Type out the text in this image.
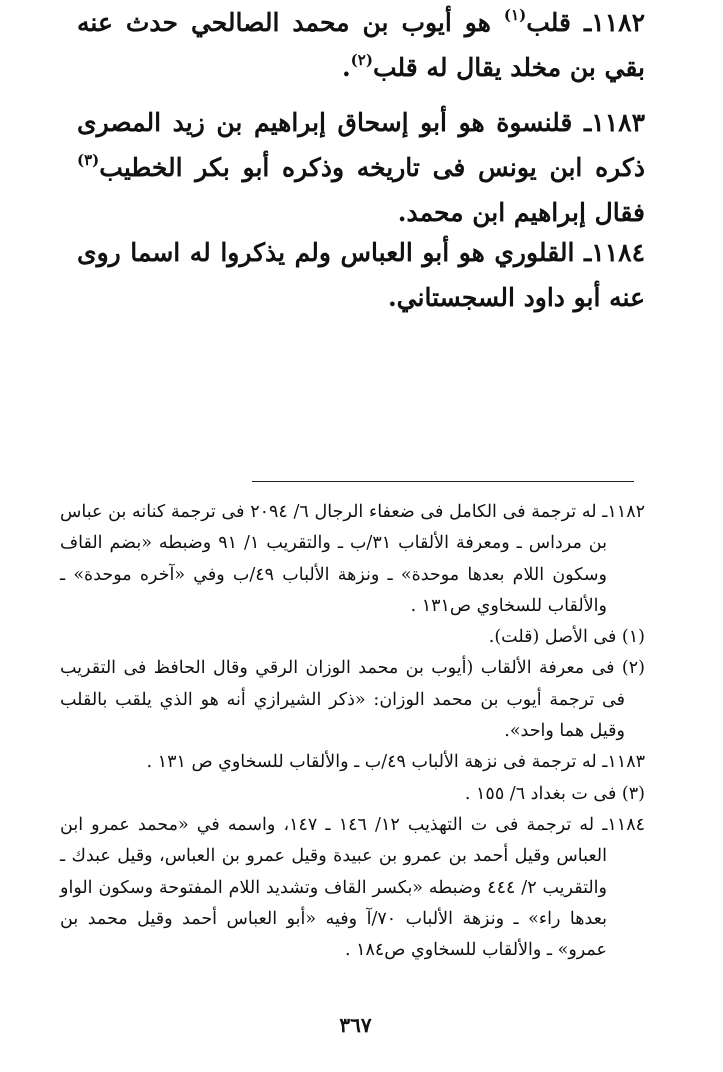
١١٨٢ـ قلب$^{(١)}$ هو أيوب بن محمد الصالحي حدث عنه بقي بن مخلد يقال له قلب$^{(٢)}$.

١١٨٣ـ قلنسوة هو أبو إسحاق إبراهيم بن زيد المصرى ذكره ابن يونس فى تاريخه وذكره أبو بكر الخطيب$^{(٣)}$ فقال إبراهيم ابن محمد.

١١٨٤ـ القلوري هو أبو العباس ولم يذكروا له اسما روى عنه أبو داود السجستاني.

١١٨٢ـ له ترجمة فى الكامل فى ضعفاء الرجال ٦/ ٢٠٩٤ فى ترجمة كنانه بن عباس بن مرداس ـ ومعرفة الألقاب ٣١/ب ـ والتقريب ١/ ٩١ وضبطه «بضم القاف وسكون اللام بعدها موحدة» ـ ونزهة الألباب ٤٩/ب وفي «آخره موحدة» ـ والألقاب للسخاوي ص١٣١ .

(١) فى الأصل (قلت).

(٢) فى معرفة الألقاب (أيوب بن محمد الوزان الرقي وقال الحافظ فى التقريب فى ترجمة أيوب بن محمد الوزان: «ذكر الشيرازي أنه هو الذي يلقب بالقلب وقيل هما واحد».

١١٨٣ـ له ترجمة فى نزهة الألباب ٤٩/ب ـ والألقاب للسخاوي ص ١٣١ .

(٣) فى ت بغداد ٦/ ١٥٥ .

١١٨٤ـ له ترجمة فى ت التهذيب ١٢/ ١٤٦ ـ ١٤٧، واسمه في «محمد عمرو ابن العباس وقيل أحمد بن عمرو بن عبيدة وقيل عمرو بن العباس، وقيل عبدك ـ والتقريب ٢/ ٤٤٤ وضبطه «بكسر القاف وتشديد اللام المفتوحة وسكون الواو بعدها راء» ـ ونزهة الألباب ٧٠/آ وفيه «أبو العباس أحمد وقيل محمد بن عمرو» ـ والألقاب للسخاوي ص١٨٤ .

٣٦٧
